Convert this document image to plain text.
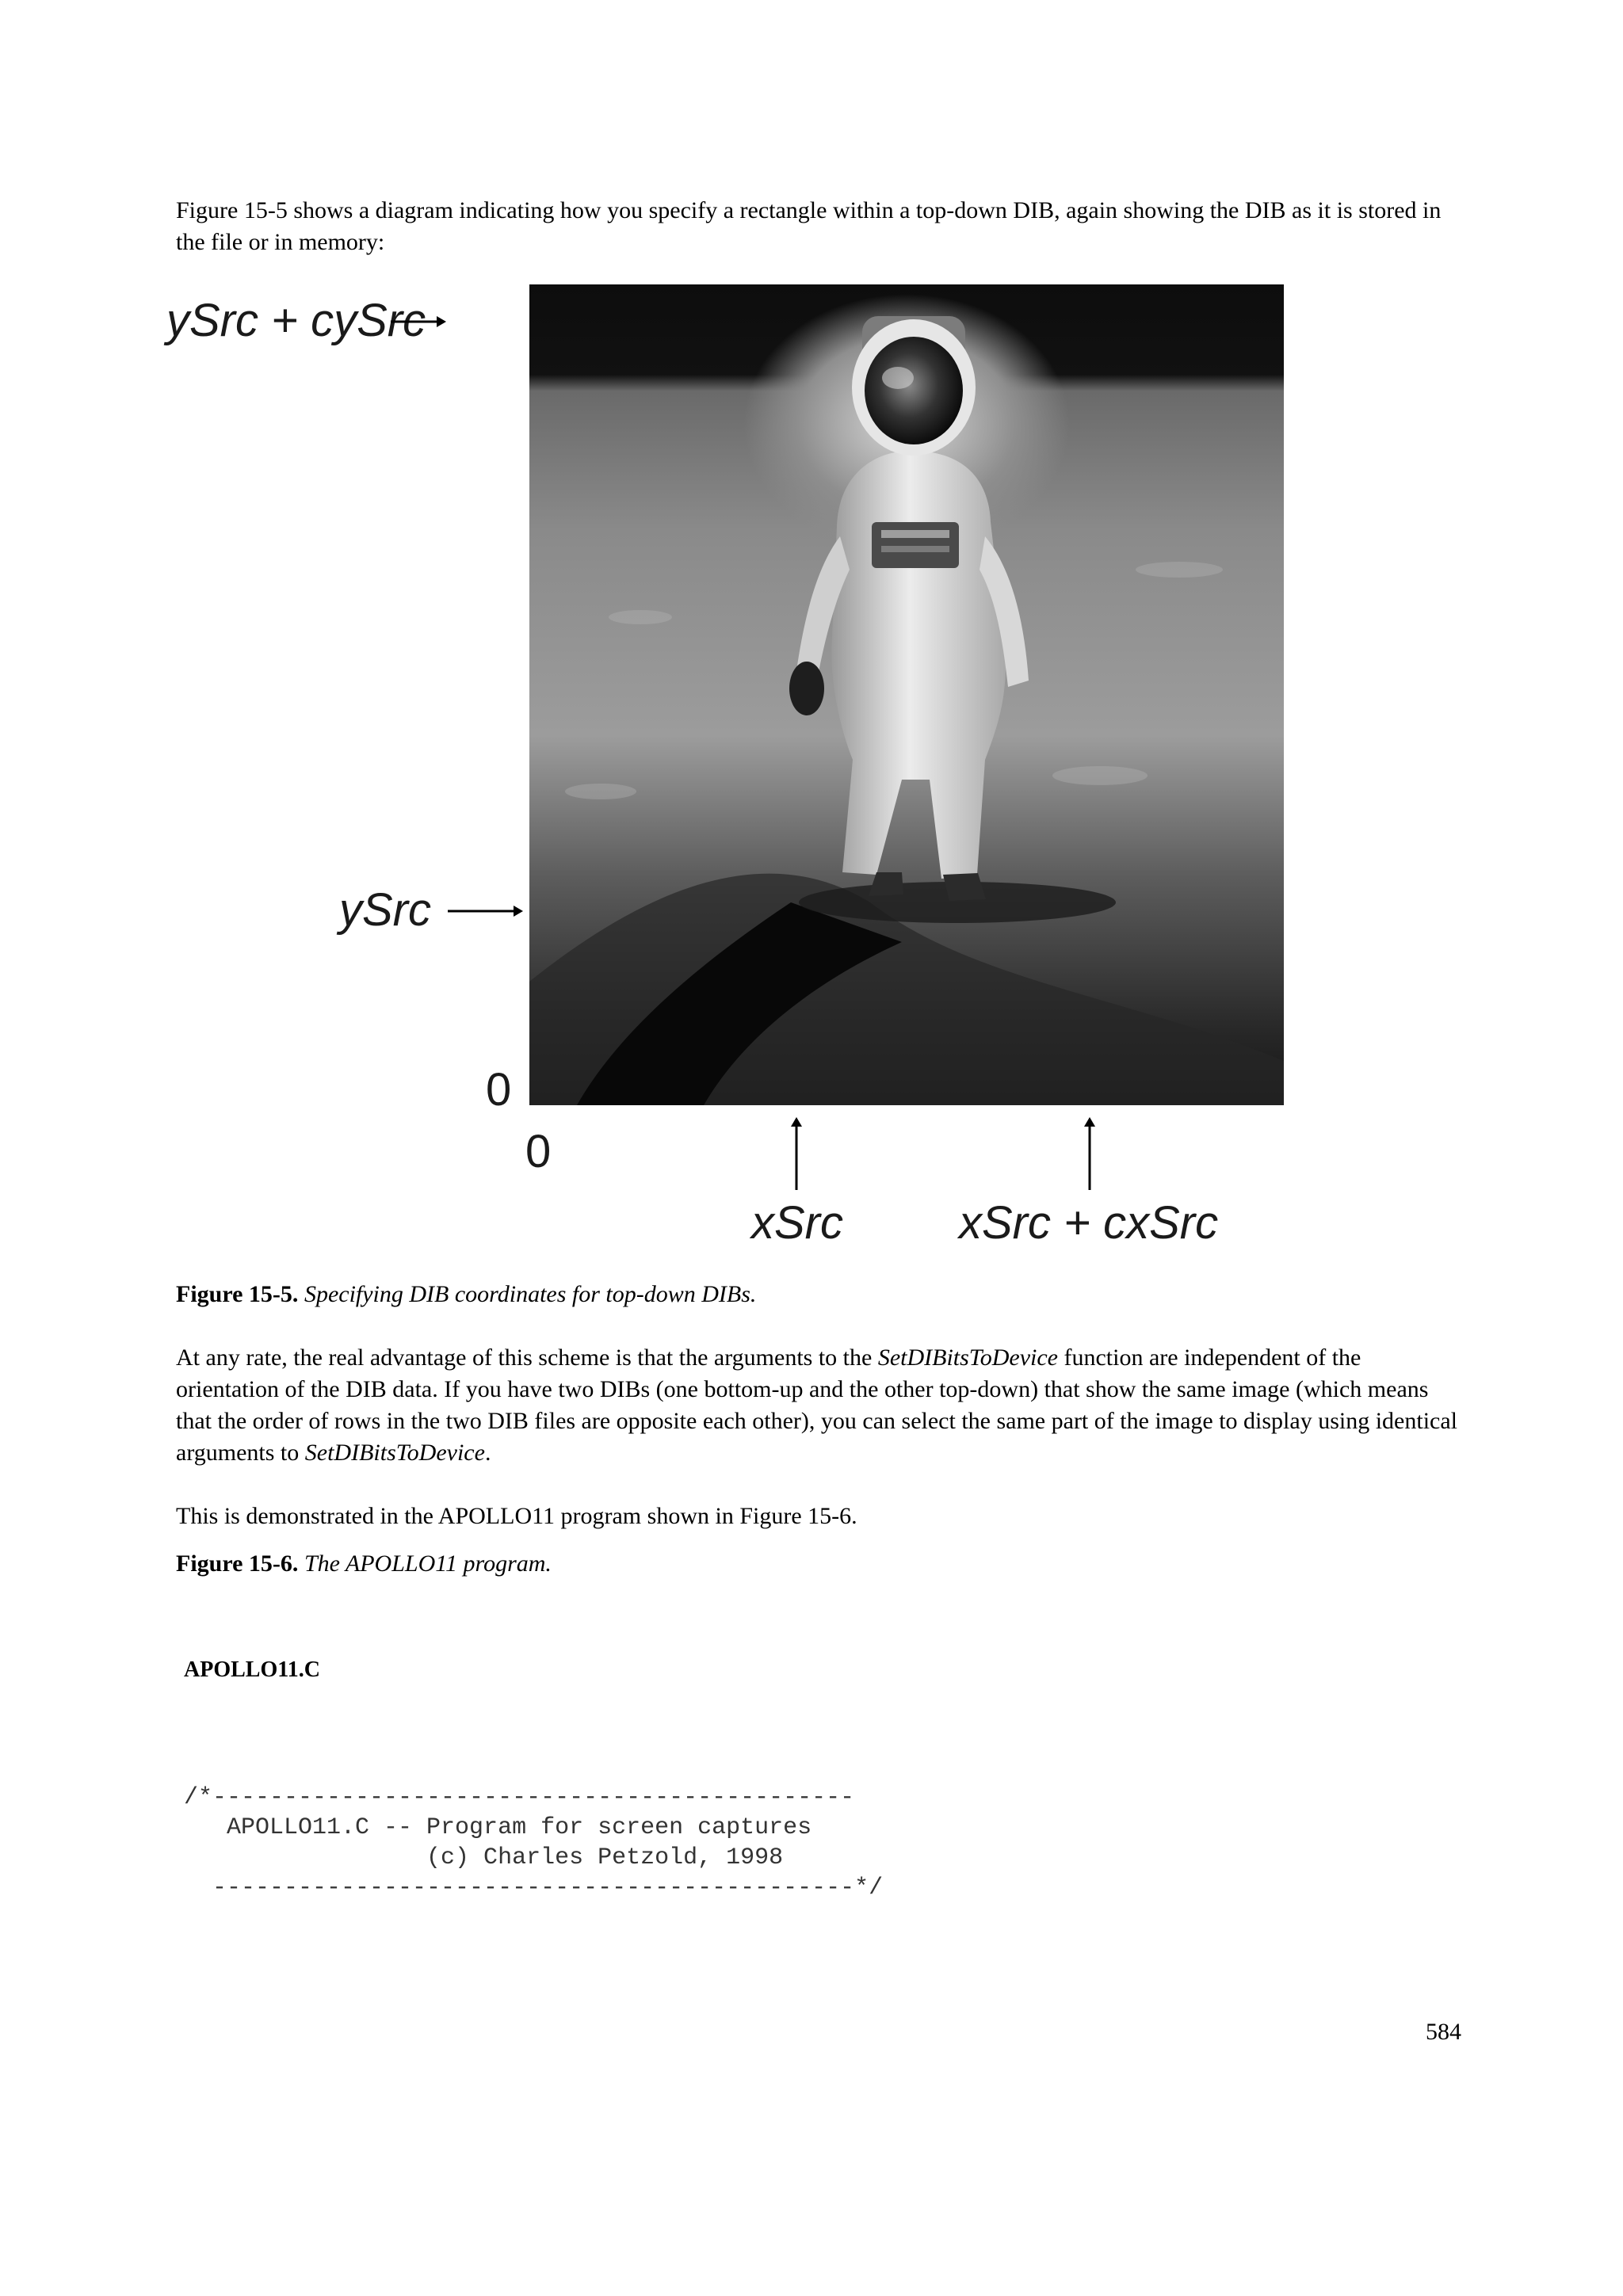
Figure 15-5 shows a diagram indicating how you specify a rectangle within a top-down DIB, again showing the DIB as it is stored in the file or in memory:

ySrc + cySrc
ySrc
0
0
xSrc	xSrc + cxSrc

Figure 15-5. Specifying DIB coordinates for top-down DIBs.

At any rate, the real advantage of this scheme is that the arguments to the SetDIBitsToDevice function are independent of the orientation of the DIB data. If you have two DIBs (one bottom-up and the other top-down) that show the same image (which means that the order of rows in the two DIB files are opposite each other), you can select the same part of the image to display using identical arguments to SetDIBitsToDevice.

This is demonstrated in the APOLLO11 program shown in Figure 15-6.

Figure 15-6. The APOLLO11 program.

APOLLO11.C

/*---------------------------------------------
APOLLO11.C -- Program for screen captures
(c) Charles Petzold, 1998
---------------------------------------------*/

584
